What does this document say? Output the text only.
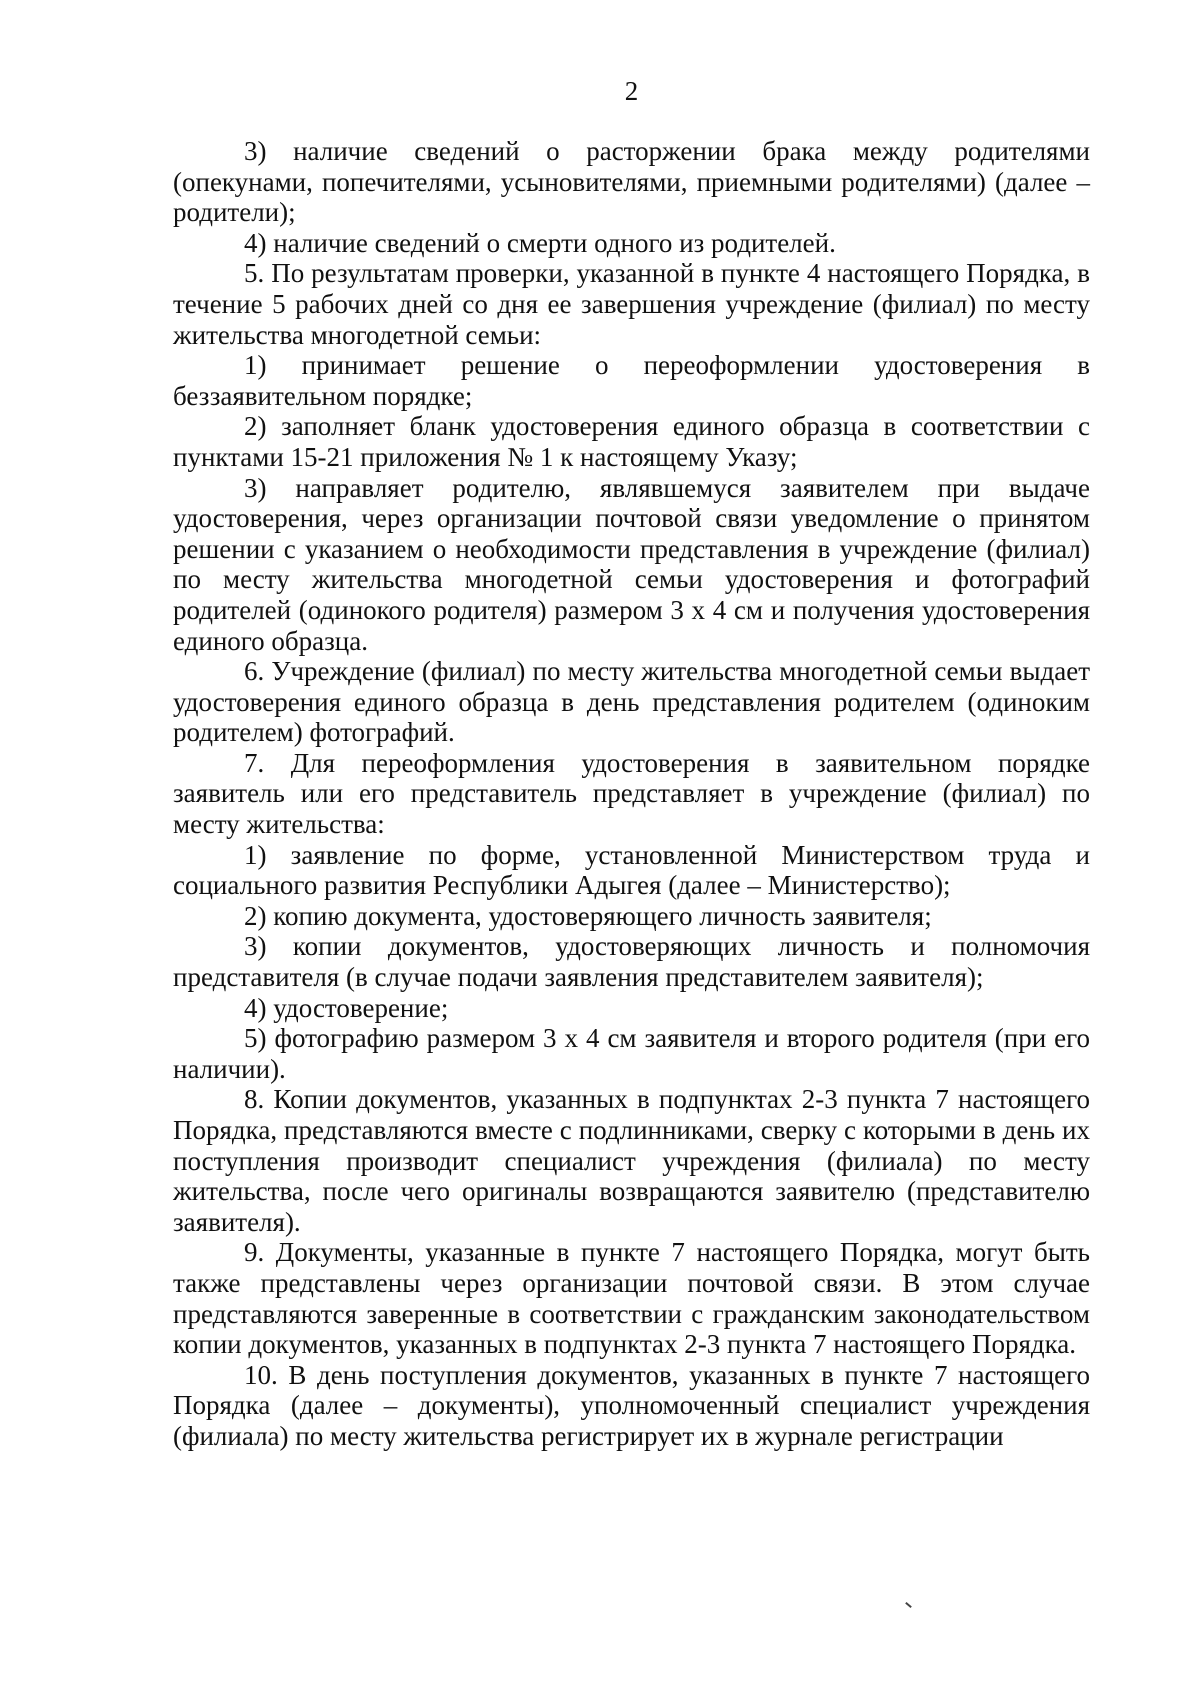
2

3) наличие сведений о расторжении брака между родителями (опекунами, попечителями, усыновителями, приемными родителями) (далее – родители);

4) наличие сведений о смерти одного из родителей.

5. По результатам проверки, указанной в пункте 4 настоящего Порядка, в течение 5 рабочих дней со дня ее завершения учреждение (филиал) по месту жительства многодетной семьи:

1) принимает решение о переоформлении удостоверения в беззаявительном порядке;

2) заполняет бланк удостоверения единого образца в соответствии с пунктами 15-21 приложения № 1 к настоящему Указу;

3) направляет родителю, являвшемуся заявителем при выдаче удостоверения, через организации почтовой связи уведомление о принятом решении с указанием о необходимости представления в учреждение (филиал) по месту жительства многодетной семьи удостоверения и фотографий родителей (одинокого родителя) размером 3 х 4 см и получения удостоверения единого образца.

6. Учреждение (филиал) по месту жительства многодетной семьи выдает удостоверения единого образца в день представления родителем (одиноким родителем) фотографий.

7. Для переоформления удостоверения в заявительном порядке заявитель или его представитель представляет в учреждение (филиал) по месту жительства:

1) заявление по форме, установленной Министерством труда и социального развития Республики Адыгея (далее – Министерство);

2) копию документа, удостоверяющего личность заявителя;

3) копии документов, удостоверяющих личность и полномочия представителя (в случае подачи заявления представителем заявителя);

4) удостоверение;

5) фотографию размером 3 х 4 см заявителя и второго родителя (при его наличии).

8. Копии документов, указанных в подпунктах 2-3 пункта 7 настоящего Порядка, представляются вместе с подлинниками, сверку с которыми в день их поступления производит специалист учреждения (филиала) по месту жительства, после чего оригиналы возвращаются заявителю (представителю заявителя).

9. Документы, указанные в пункте 7 настоящего Порядка, могут быть также представлены через организации почтовой связи. В этом случае представляются заверенные в соответствии с гражданским законодательством копии документов, указанных в подпунктах 2-3 пункта 7 настоящего Порядка.

10. В день поступления документов, указанных в пункте 7 настоящего Порядка (далее – документы), уполномоченный специалист учреждения (филиала) по месту жительства регистрирует их в журнале регистрации
